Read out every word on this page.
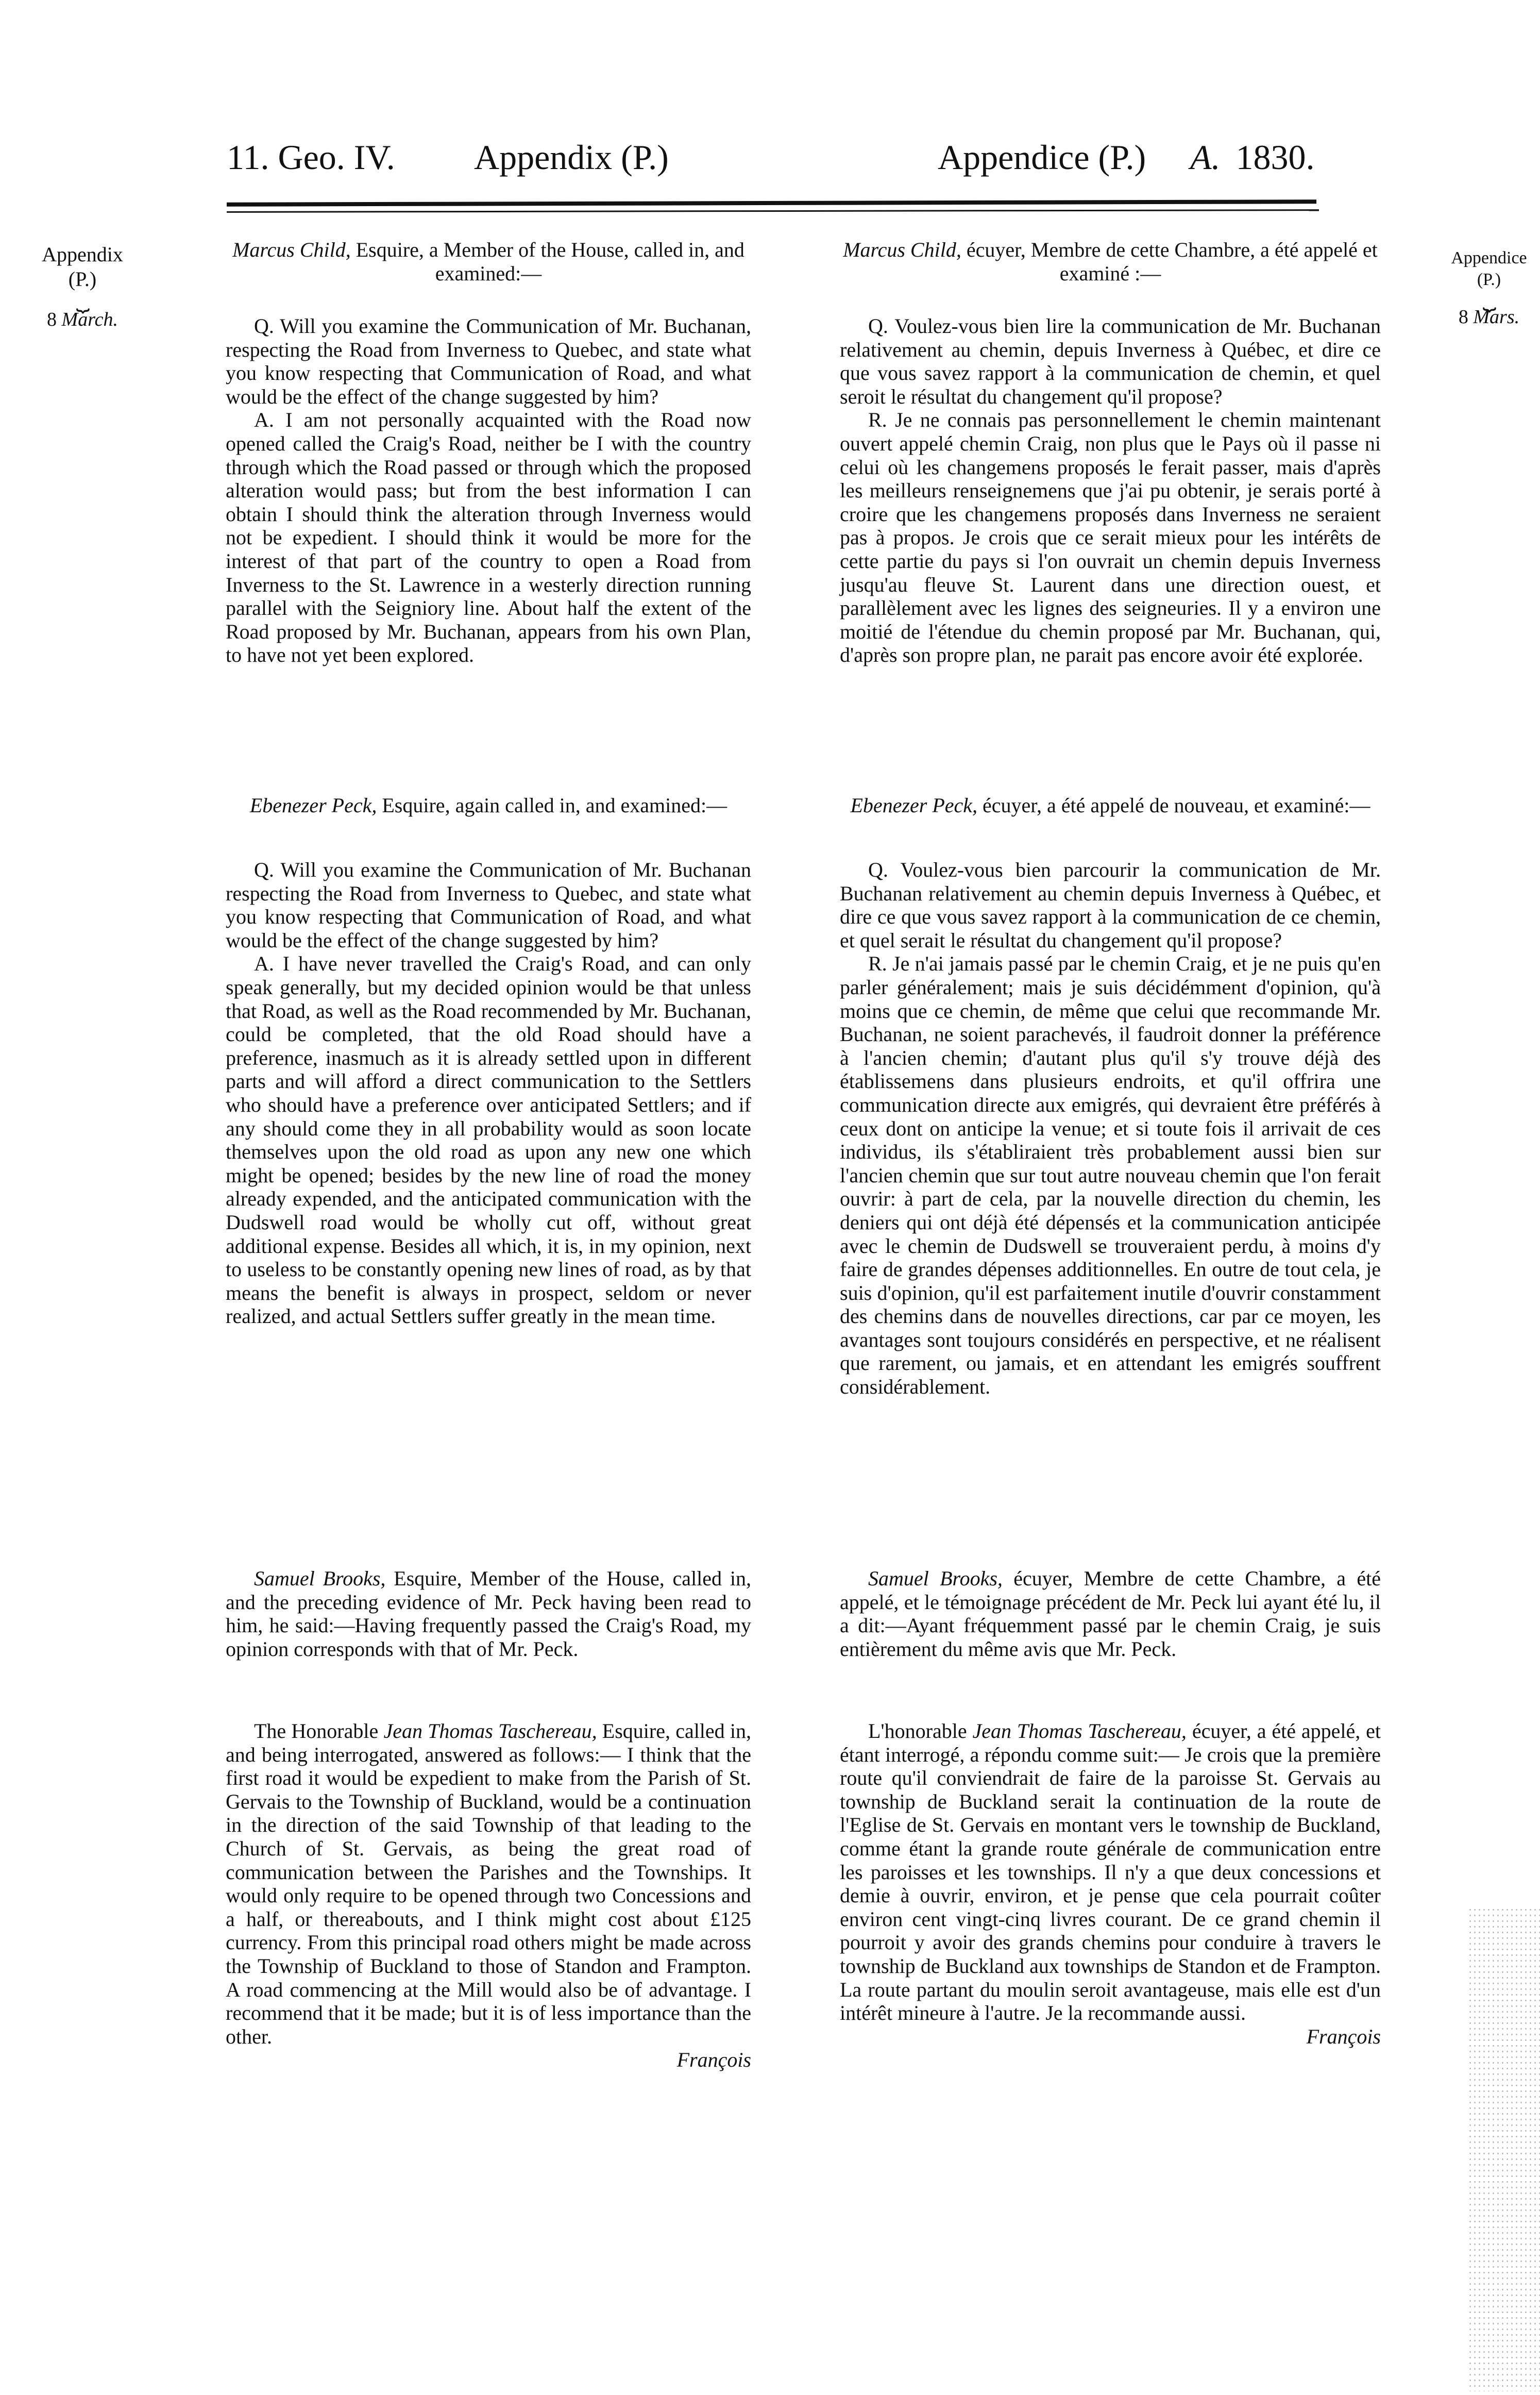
11. Geo. IV. Appendix (P.)	Appendice (P.) A. 1830.
Appendix
(P.)
⏟
8 March.
Appendice
(P.)
⏟
8 Mars.
Marcus Child, Esquire, a Member of the House, called in, and examined:—

Q. Will you examine the Communication of Mr. Buchanan, respecting the Road from Inverness to Quebec, and state what you know respecting that Communication of Road, and what would be the effect of the change suggested by him?

A. I am not personally acquainted with the Road now opened called the Craig's Road, neither be I with the country through which the Road passed or through which the proposed alteration would pass; but from the best information I can obtain I should think the alteration through Inverness would not be expedient. I should think it would be more for the interest of that part of the country to open a Road from Inverness to the St. Lawrence in a westerly direction running parallel with the Seigniory line. About half the extent of the Road proposed by Mr. Buchanan, appears from his own Plan, to have not yet been explored.

Ebenezer Peck, Esquire, again called in, and examined:—

Q. Will you examine the Communication of Mr. Buchanan respecting the Road from Inverness to Quebec, and state what you know respecting that Communication of Road, and what would be the effect of the change suggested by him?

A. I have never travelled the Craig's Road, and can only speak generally, but my decided opinion would be that unless that Road, as well as the Road recommended by Mr. Buchanan, could be completed, that the old Road should have a preference, inasmuch as it is already settled upon in different parts and will afford a direct communication to the Settlers who should have a preference over anticipated Settlers; and if any should come they in all probability would as soon locate themselves upon the old road as upon any new one which might be opened; besides by the new line of road the money already expended, and the anticipated communication with the Dudswell road would be wholly cut off, without great additional expense. Besides all which, it is, in my opinion, next to useless to be constantly opening new lines of road, as by that means the benefit is always in prospect, seldom or never realized, and actual Settlers suffer greatly in the mean time.

Samuel Brooks, Esquire, Member of the House, called in, and the preceding evidence of Mr. Peck having been read to him, he said:—Having frequently passed the Craig's Road, my opinion corresponds with that of Mr. Peck.

The Honorable Jean Thomas Taschereau, Esquire, called in, and being interrogated, answered as follows:— I think that the first road it would be expedient to make from the Parish of St. Gervais to the Township of Buckland, would be a continuation in the direction of the said Township of that leading to the Church of St. Gervais, as being the great road of communication between the Parishes and the Townships. It would only require to be opened through two Concessions and a half, or thereabouts, and I think might cost about £125 currency. From this principal road others might be made across the Township of Buckland to those of Standon and Frampton. A road commencing at the Mill would also be of advantage. I recommend that it be made; but it is of less importance than the other.

François

Marcus Child, écuyer, Membre de cette Chambre, a été appelé et examiné :—

Q. Voulez-vous bien lire la communication de Mr. Buchanan relativement au chemin, depuis Inverness à Québec, et dire ce que vous savez rapport à la communication de chemin, et quel seroit le résultat du changement qu'il propose?

R. Je ne connais pas personnellement le chemin maintenant ouvert appelé chemin Craig, non plus que le Pays où il passe ni celui où les changemens proposés le ferait passer, mais d'après les meilleurs renseignemens que j'ai pu obtenir, je serais porté à croire que les changemens proposés dans Inverness ne seraient pas à propos. Je crois que ce serait mieux pour les intérêts de cette partie du pays si l'on ouvrait un chemin depuis Inverness jusqu'au fleuve St. Laurent dans une direction ouest, et parallèlement avec les lignes des seigneuries. Il y a environ une moitié de l'étendue du chemin proposé par Mr. Buchanan, qui, d'après son propre plan, ne parait pas encore avoir été explorée.

Ebenezer Peck, écuyer, a été appelé de nouveau, et examiné:—

Q. Voulez-vous bien parcourir la communication de Mr. Buchanan relativement au chemin depuis Inverness à Québec, et dire ce que vous savez rapport à la communication de ce chemin, et quel serait le résultat du changement qu'il propose?

R. Je n'ai jamais passé par le chemin Craig, et je ne puis qu'en parler généralement; mais je suis décidémment d'opinion, qu'à moins que ce chemin, de même que celui que recommande Mr. Buchanan, ne soient parachevés, il faudroit donner la préférence à l'ancien chemin; d'autant plus qu'il s'y trouve déjà des établissemens dans plusieurs endroits, et qu'il offrira une communication directe aux emigrés, qui devraient être préférés à ceux dont on anticipe la venue; et si toute fois il arrivait de ces individus, ils s'établiraient très probablement aussi bien sur l'ancien chemin que sur tout autre nouveau chemin que l'on ferait ouvrir: à part de cela, par la nouvelle direction du chemin, les deniers qui ont déjà été dépensés et la communication anticipée avec le chemin de Dudswell se trouveraient perdu, à moins d'y faire de grandes dépenses additionnelles. En outre de tout cela, je suis d'opinion, qu'il est parfaitement inutile d'ouvrir constamment des chemins dans de nouvelles directions, car par ce moyen, les avantages sont toujours considérés en perspective, et ne réalisent que rarement, ou jamais, et en attendant les emigrés souffrent considérablement.

Samuel Brooks, écuyer, Membre de cette Chambre, a été appelé, et le témoignage précédent de Mr. Peck lui ayant été lu, il a dit:—Ayant fréquemment passé par le chemin Craig, je suis entièrement du même avis que Mr. Peck.

L'honorable Jean Thomas Taschereau, écuyer, a été appelé, et étant interrogé, a répondu comme suit:— Je crois que la première route qu'il conviendrait de faire de la paroisse St. Gervais au township de Buckland serait la continuation de la route de l'Eglise de St. Gervais en montant vers le township de Buckland, comme étant la grande route générale de communication entre les paroisses et les townships. Il n'y a que deux concessions et demie à ouvrir, environ, et je pense que cela pourrait coûter environ cent vingt-cinq livres courant. De ce grand chemin il pourroit y avoir des grands chemins pour conduire à travers le township de Buckland aux townships de Standon et de Frampton. La route partant du moulin seroit avantageuse, mais elle est d'un intérêt mineure à l'autre. Je la recommande aussi.

François
